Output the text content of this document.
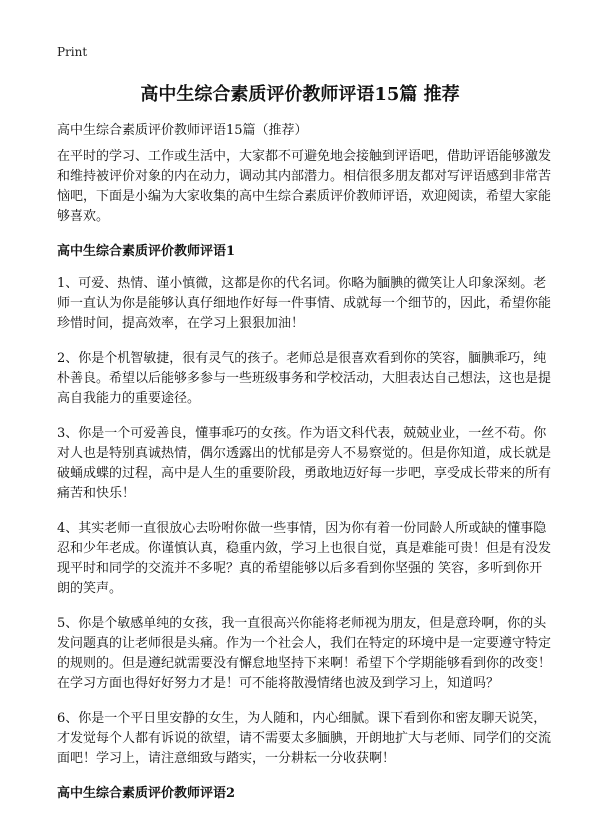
Print
高中生综合素质评价教师评语15篇 推荐

高中生综合素质评价教师评语15篇（推荐）

在平时的学习、工作或生活中，大家都不可避免地会接触到评语吧，借助评语能够激发和维持被评价对象的内在动力，调动其内部潜力。相信很多朋友都对写评语感到非常苦恼吧，下面是小编为大家收集的高中生综合素质评价教师评语，欢迎阅读，希望大家能够喜欢。

高中生综合素质评价教师评语1

1、可爱、热情、谨小慎微，这都是你的代名词。你略为腼腆的微笑让人印象深刻。老师一直认为你是能够认真仔细地作好每一件事情、成就每一个细节的，因此，希望你能珍惜时间，提高效率，在学习上狠狠加油！

2、你是个机智敏捷，很有灵气的孩子。老师总是很喜欢看到你的笑容，腼腆乖巧，纯朴善良。希望以后能够多参与一些班级事务和学校活动，大胆表达自己想法，这也是提高自我能力的重要途径。

3、你是一个可爱善良，懂事乖巧的女孩。作为语文科代表，兢兢业业，一丝不苟。你对人也是特别真诚热情，偶尔透露出的忧郁是旁人不易察觉的。但是你知道，成长就是破蛹成蝶的过程，高中是人生的重要阶段，勇敢地迈好每一步吧，享受成长带来的所有痛苦和快乐！

4、其实老师一直很放心去吩咐你做一些事情，因为你有着一份同龄人所或缺的懂事隐忍和少年老成。你谨慎认真，稳重内敛，学习上也很自觉，真是难能可贵！但是有没发现平时和同学的交流并不多呢？真的希望能够以后多看到你坚强的 笑容，多听到你开朗的笑声。

5、你是个敏感单纯的女孩，我一直很高兴你能将老师视为朋友，但是意玲啊，你的头发问题真的让老师很是头痛。作为一个社会人，我们在特定的环境中是一定要遵守特定的规则的。但是遵纪就需要没有懈怠地坚持下来啊！希望下个学期能够看到你的改变！在学习方面也得好好努力才是！可不能将散漫情绪也波及到学习上，知道吗？

6、你是一个平日里安静的女生，为人随和，内心细腻。课下看到你和密友聊天说笑，才发觉每个人都有诉说的欲望，请不需要太多腼腆，开朗地扩大与老师、同学们的交流面吧！学习上，请注意细致与踏实，一分耕耘一分收获啊！

高中生综合素质评价教师评语2
